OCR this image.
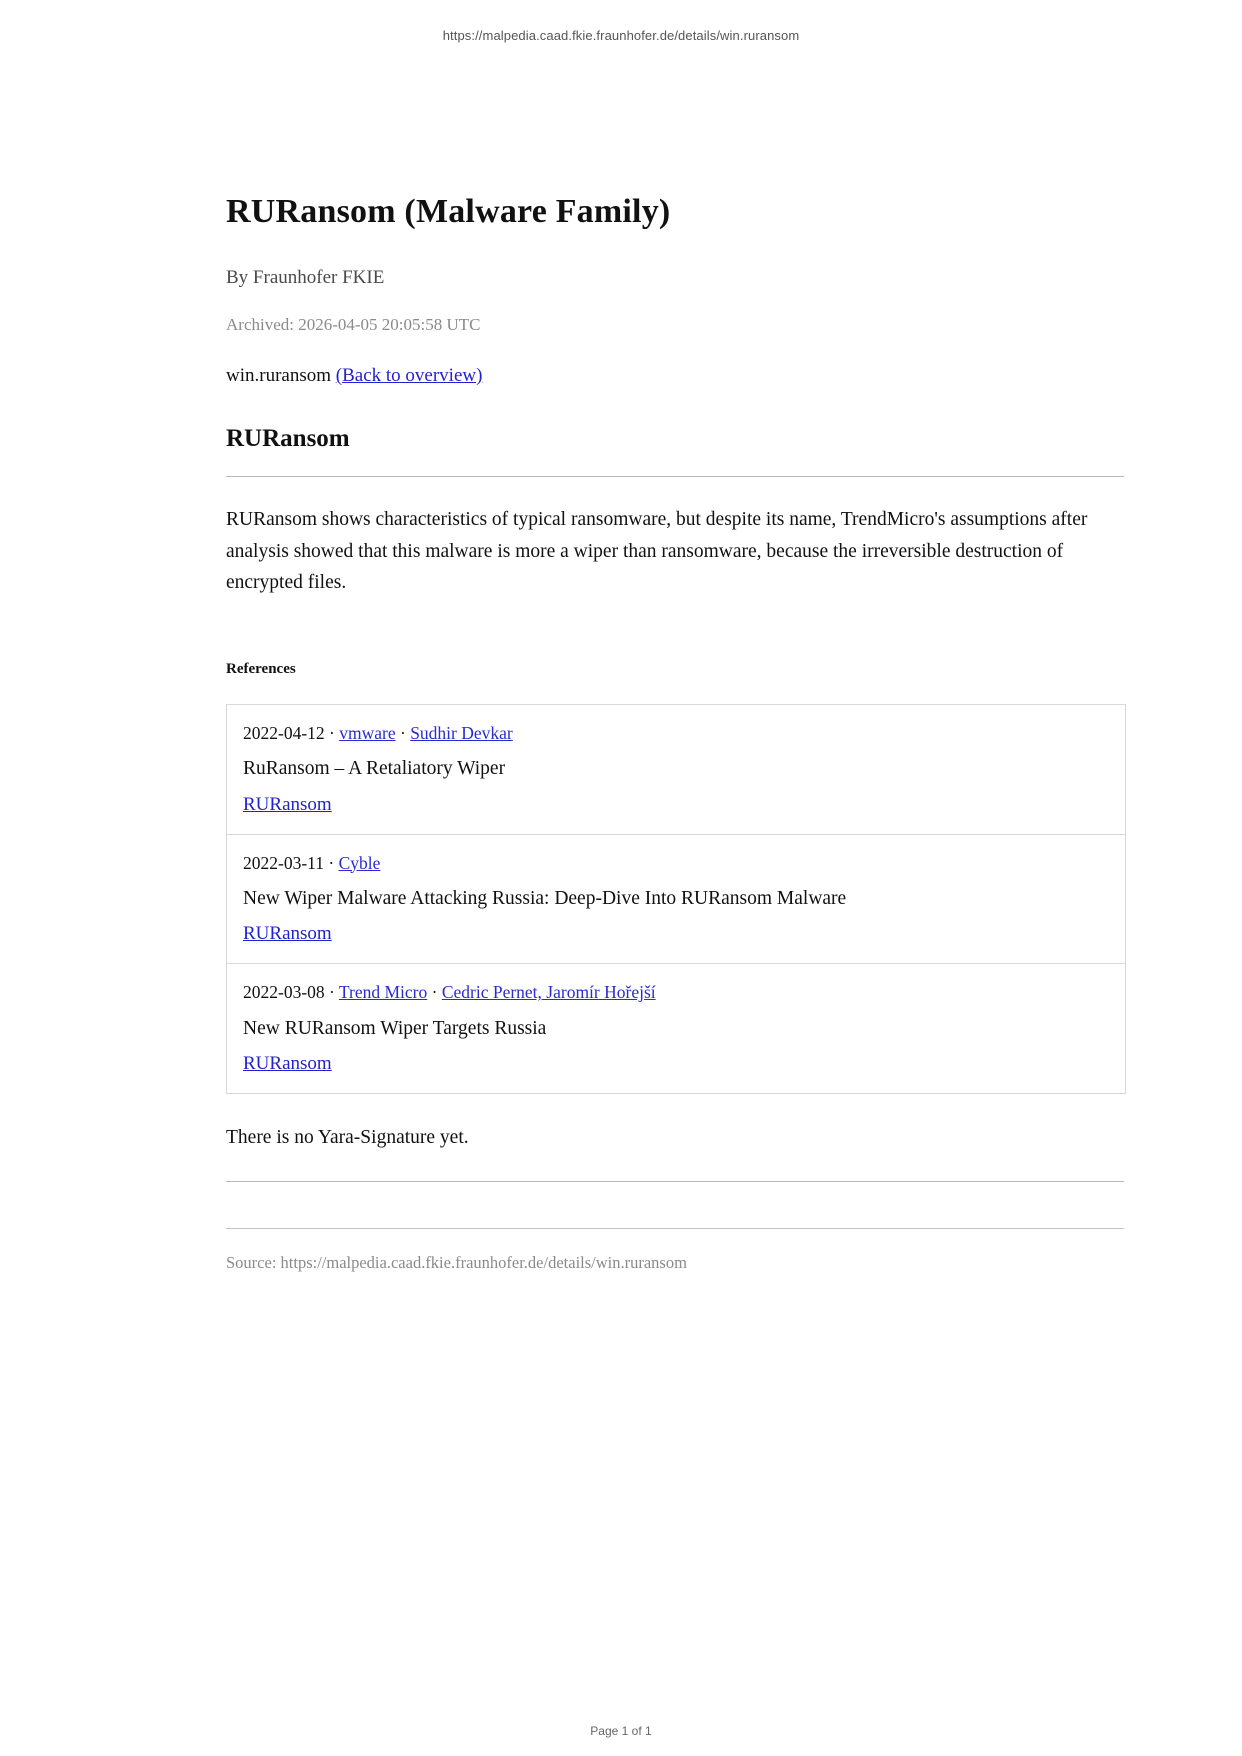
https://malpedia.caad.fkie.fraunhofer.de/details/win.ruransom
RURansom (Malware Family)
By Fraunhofer FKIE
Archived: 2026-04-05 20:05:58 UTC
win.ruransom (Back to overview)
RURansom

RURansom shows characteristics of typical ransomware, but despite its name, TrendMicro's assumptions after analysis showed that this malware is more a wiper than ransomware, because the irreversible destruction of encrypted files.

References
2022-04-12 · vmware · Sudhir Devkar
RuRansom – A Retaliatory Wiper
RURansom
2022-03-11 · Cyble
New Wiper Malware Attacking Russia: Deep-Dive Into RURansom Malware
RURansom
2022-03-08 · Trend Micro · Cedric Pernet, Jaromír Hořejší
New RURansom Wiper Targets Russia
RURansom
There is no Yara-Signature yet.
Source: https://malpedia.caad.fkie.fraunhofer.de/details/win.ruransom
Page 1 of 1
